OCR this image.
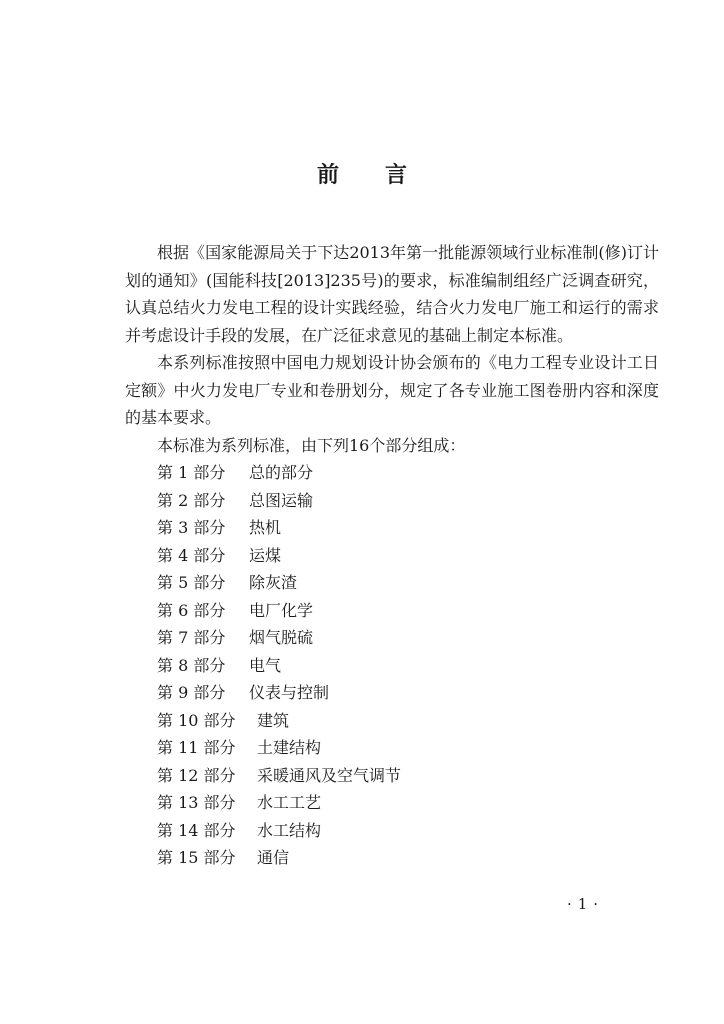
前 言

根据《国家能源局关于下达2013年第一批能源领域行业标准制(修)订计划的通知》(国能科技[2013]235号)的要求，标准编制组经广泛调查研究，认真总结火力发电工程的设计实践经验，结合火力发电厂施工和运行的需求并考虑设计手段的发展，在广泛征求意见的基础上制定本标准。

本系列标准按照中国电力规划设计协会颁布的《电力工程专业设计工日定额》中火力发电厂专业和卷册划分，规定了各专业施工图卷册内容和深度的基本要求。

本标准为系列标准，由下列16个部分组成：

第 1 部分	总的部分
第 2 部分	总图运输
第 3 部分	热机
第 4 部分	运煤
第 5 部分	除灰渣
第 6 部分	电厂化学
第 7 部分	烟气脱硫
第 8 部分	电气
第 9 部分	仪表与控制
第 10 部分	建筑
第 11 部分	土建结构
第 12 部分	采暖通风及空气调节
第 13 部分	水工工艺
第 14 部分	水工结构
第 15 部分	通信
·1·
